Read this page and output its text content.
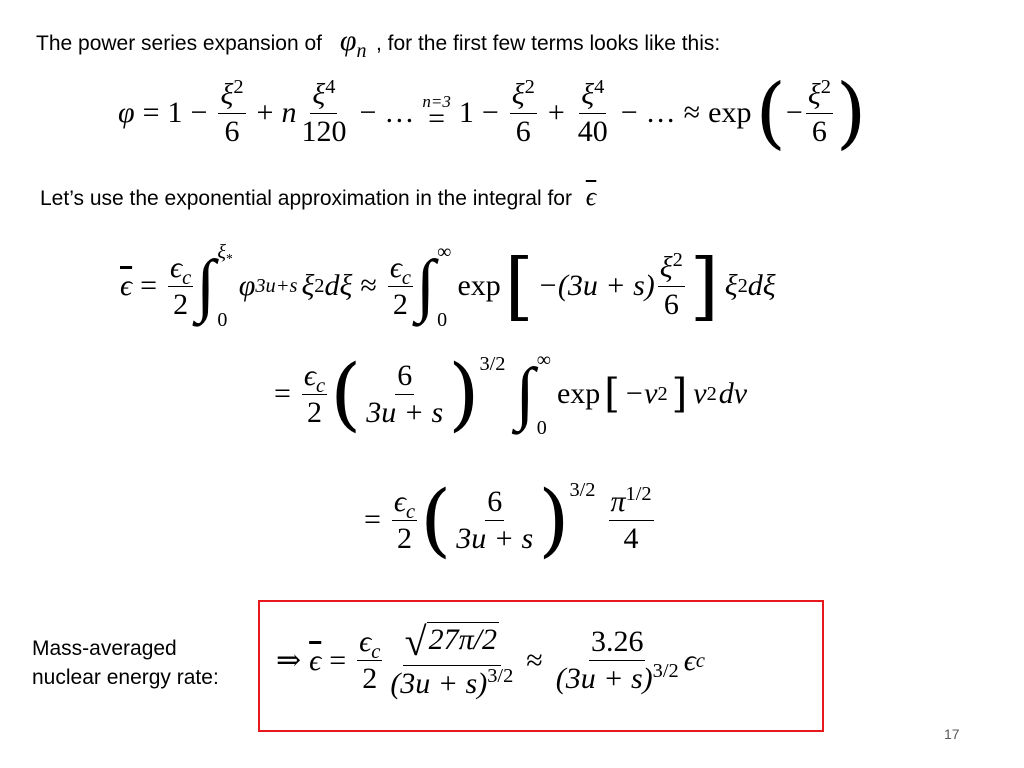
The power series expansion of $\varphi_n$ , for the first few terms looks like this:
$\varphi = 1 - \frac{\xi^2}{6} + n$
$\xi^4$
120
− … n=3
= $1 - \frac{\xi^2}{6} + \frac{\xi^4}{40}$ − … ≈ exp ( − $\frac{\xi^2}{6}$ )
Let’s use the exponential approximation in the integral for $\overline{\epsilon}$
$\overline{\epsilon} = \frac{\epsilon_c}{2}$ ∫ $\xi_*$
0
φ 3u+s ξ 2 $d\xi \approx \frac{\epsilon_c}{2}$ ∫ ∞
0
exp [ −(3u + s)
$\xi^2$
6 ] ξ 2 dξ
= $\frac{\epsilon_c}{2}$ ( 6
3u + s )$^{3/2}$ ∫ ∞
0
exp [ −v 2 ] v 2 dv
= $\frac{\epsilon_c}{2}$ ( 6
3u + s )$^{3/2}$ $\pi^{1/2}$
4
Mass-averaged
nuclear energy rate:
⇒ $\overline{\epsilon} = \frac{\epsilon_c}{2} \frac{√ 27\pi/2}{(3u + s)^{3/2}} \approx \frac{3.26}{(3u + s)^{3/2}}$ ϵ c
17
